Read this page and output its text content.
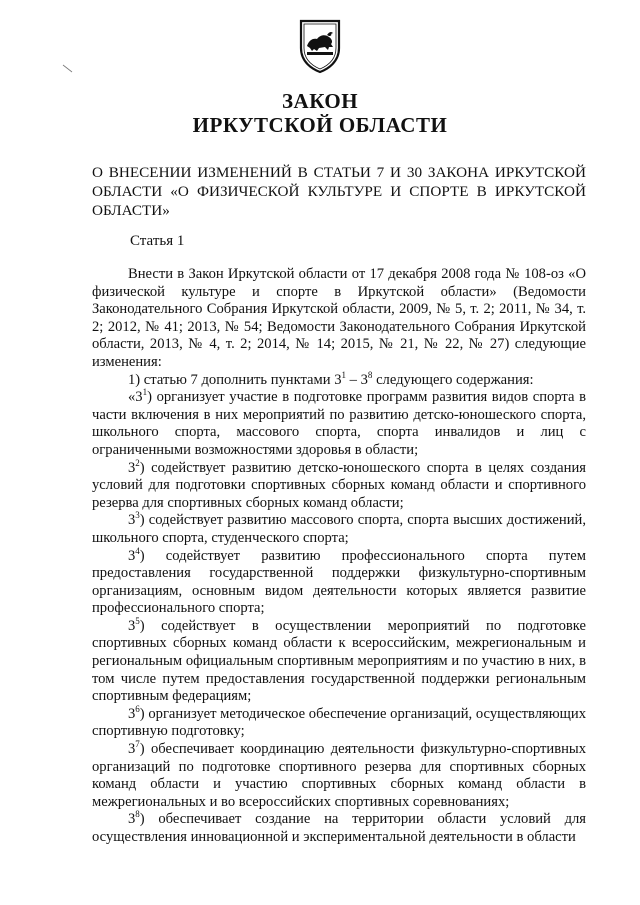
ЗАКОН
ИРКУТСКОЙ ОБЛАСТИ
О ВНЕСЕНИИ ИЗМЕНЕНИЙ В СТАТЬИ 7 И 30 ЗАКОНА ИРКУТСКОЙ ОБЛАСТИ «О ФИЗИЧЕСКОЙ КУЛЬТУРЕ И СПОРТЕ В ИРКУТСКОЙ ОБЛАСТИ»
Статья 1

Внести в Закон Иркутской области от 17 декабря 2008 года № 108-оз «О физической культуре и спорте в Иркутской области» (Ведомости Законодательного Собрания Иркутской области, 2009, № 5, т. 2; 2011, № 34, т. 2; 2012, № 41; 2013, № 54; Ведомости Законодательного Собрания Иркутской области, 2013, № 4, т. 2; 2014, № 14; 2015, № 21, № 22, № 27) следующие изменения:

1) статью 7 дополнить пунктами $3^1 - 3^8$ следующего содержания:

«$3^1$) организует участие в подготовке программ развития видов спорта в части включения в них мероприятий по развитию детско-юношеского спорта, школьного спорта, массового спорта, спорта инвалидов и лиц с ограниченными возможностями здоровья в области;

$3^2$) содействует развитию детско-юношеского спорта в целях создания условий для подготовки спортивных сборных команд области и спортивного резерва для спортивных сборных команд области;

$3^3$) содействует развитию массового спорта, спорта высших достижений, школьного спорта, студенческого спорта;

$3^4$) содействует развитию профессионального спорта путем предоставления государственной поддержки физкультурно-спортивным организациям, основным видом деятельности которых является развитие профессионального спорта;

$3^5$) содействует в осуществлении мероприятий по подготовке спортивных сборных команд области к всероссийским, межрегиональным и региональным официальным спортивным мероприятиям и по участию в них, в том числе путем предоставления государственной поддержки региональным спортивным федерациям;

$3^6$) организует методическое обеспечение организаций, осуществляющих спортивную подготовку;

$3^7$) обеспечивает координацию деятельности физкультурно-спортивных организаций по подготовке спортивного резерва для спортивных сборных команд области и участию спортивных сборных команд области в межрегиональных и во всероссийских спортивных соревнованиях;

$3^8$) обеспечивает создание на территории области условий для осуществления инновационной и экспериментальной деятельности в области
